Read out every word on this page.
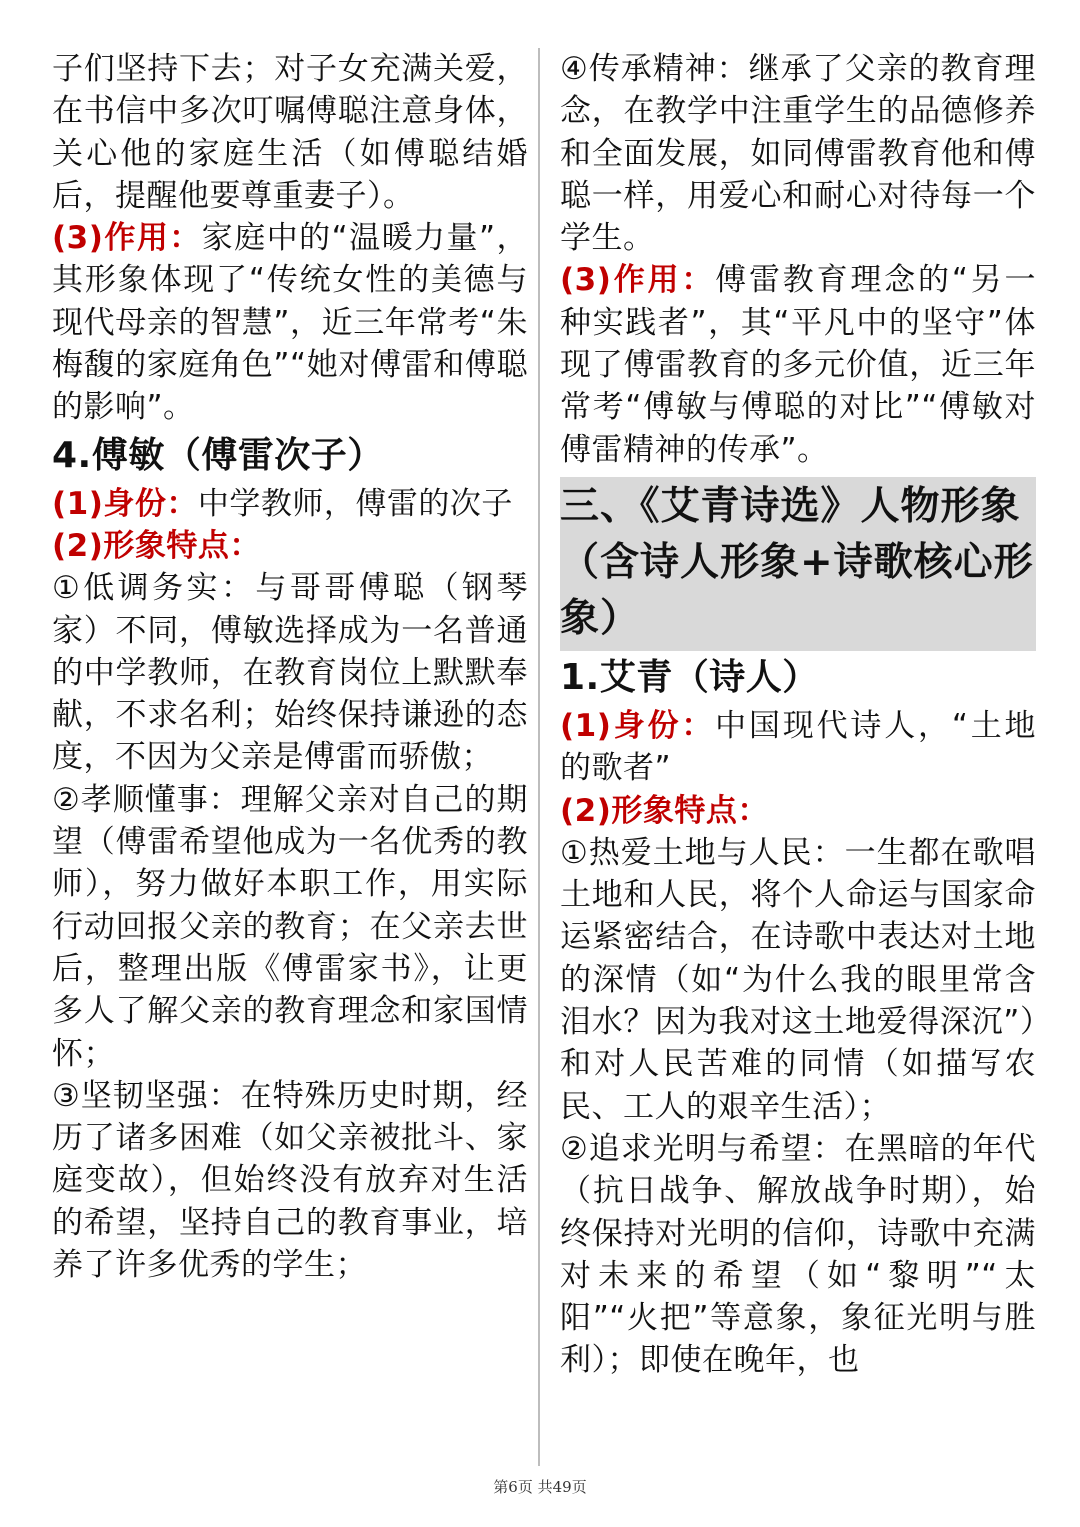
子们坚持下去；对子女充满关爱，在书信中多次叮嘱傅聪注意身体，关心他的家庭生活（如傅聪结婚后，提醒他要尊重妻子）。

(3)作用：家庭中的“温暖力量”，其形象体现了“传统女性的美德与现代母亲的智慧”，近三年常考“朱梅馥的家庭角色”“她对傅雷和傅聪的影响”。

4.傅敏（傅雷次子）

(1)身份：中学教师，傅雷的次子

(2)形象特点：

①低调务实：与哥哥傅聪（钢琴家）不同，傅敏选择成为一名普通的中学教师，在教育岗位上默默奉献，不求名利；始终保持谦逊的态度，不因为父亲是傅雷而骄傲；

②孝顺懂事：理解父亲对自己的期望（傅雷希望他成为一名优秀的教师），努力做好本职工作，用实际行动回报父亲的教育；在父亲去世后，整理出版《傅雷家书》，让更多人了解父亲的教育理念和家国情怀；

③坚韧坚强：在特殊历史时期，经历了诸多困难（如父亲被批斗、家庭变故），但始终没有放弃对生活的希望，坚持自己的教育事业，培养了许多优秀的学生；

④传承精神：继承了父亲的教育理念，在教学中注重学生的品德修养和全面发展，如同傅雷教育他和傅聪一样，用爱心和耐心对待每一个学生。

(3)作用：傅雷教育理念的“另一种实践者”，其“平凡中的坚守”体现了傅雷教育的多元价值，近三年常考“傅敏与傅聪的对比”“傅敏对傅雷精神的传承”。

三、《艾青诗选》人物形象（含诗人形象+诗歌核心形象）

1.艾青（诗人）

(1)身份：中国现代诗人，“土地的歌者”

(2)形象特点：

①热爱土地与人民：一生都在歌唱土地和人民，将个人命运与国家命运紧密结合，在诗歌中表达对土地的深情（如“为什么我的眼里常含泪水？因为我对这土地爱得深沉”）和对人民苦难的同情（如描写农民、工人的艰辛生活）；

②追求光明与希望：在黑暗的年代（抗日战争、解放战争时期），始终保持对光明的信仰，诗歌中充满对未来的希望（如“黎明”“太阳”“火把”等意象，象征光明与胜利）；即使在晚年，也

第6页 共49页
